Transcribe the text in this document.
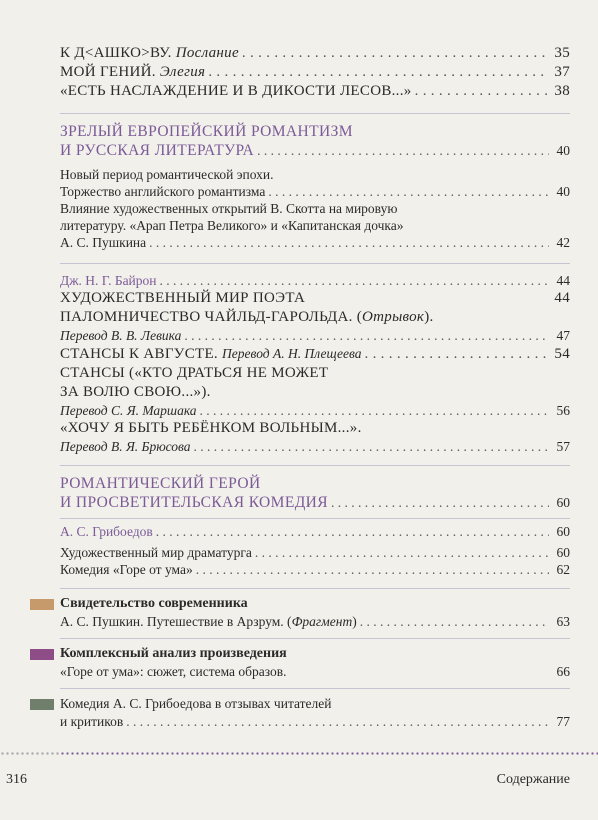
К Д<АШКО>ВУ. Послание . . .	35
МОЙ ГЕНИЙ. Элегия . . .	37
«ЕСТЬ НАСЛАЖДЕНИЕ И В ДИКОСТИ ЛЕСОВ...» . . .	38
ЗРЕЛЫЙ ЕВРОПЕЙСКИЙ РОМАНТИЗМ
И РУССКАЯ ЛИТЕРАТУРА . . .	40
Новый период романтической эпохи.
Торжество английского романтизма . . .	40
Влияние художественных открытий В. Скотта на мировую
литературу. «Арап Петра Великого» и «Капитанская дочка»
А. С. Пушкина . . .	42
Дж. Н. Г. Байрон . . .	44
ХУДОЖЕСТВЕННЫЙ МИР ПОЭТА	44
ПАЛОМНИЧЕСТВО ЧАЙЛЬД-ГАРОЛЬДА. (Отрывок).
Перевод В. В. Левика . . .	47
СТАНСЫ К АВГУСТЕ. Перевод А. Н. Плещеева . . .	54
СТАНСЫ («КТО ДРАТЬСЯ НЕ МОЖЕТ
ЗА ВОЛЮ СВОЮ...»).
Перевод С. Я. Маршака . . .	56
«ХОЧУ Я БЫТЬ РЕБЁНКОМ ВОЛЬНЫМ...».
Перевод В. Я. Брюсова . . .	57
РОМАНТИЧЕСКИЙ ГЕРОЙ
И ПРОСВЕТИТЕЛЬСКАЯ КОМЕДИЯ . . .	60
А. С. Грибоедов . . .	60
Художественный мир драматурга . . .	60
Комедия «Горе от ума» . . .	62
Свидетельство современника
А. С. Пушкин. Путешествие в Арзрум. (Фрагмент) . . .	63
Комплексный анализ произведения
«Горе от ума»: сюжет, система образов.	66
Комедия А. С. Грибоедова в отзывах читателей
и критиков . . .	77
316	Содержание
